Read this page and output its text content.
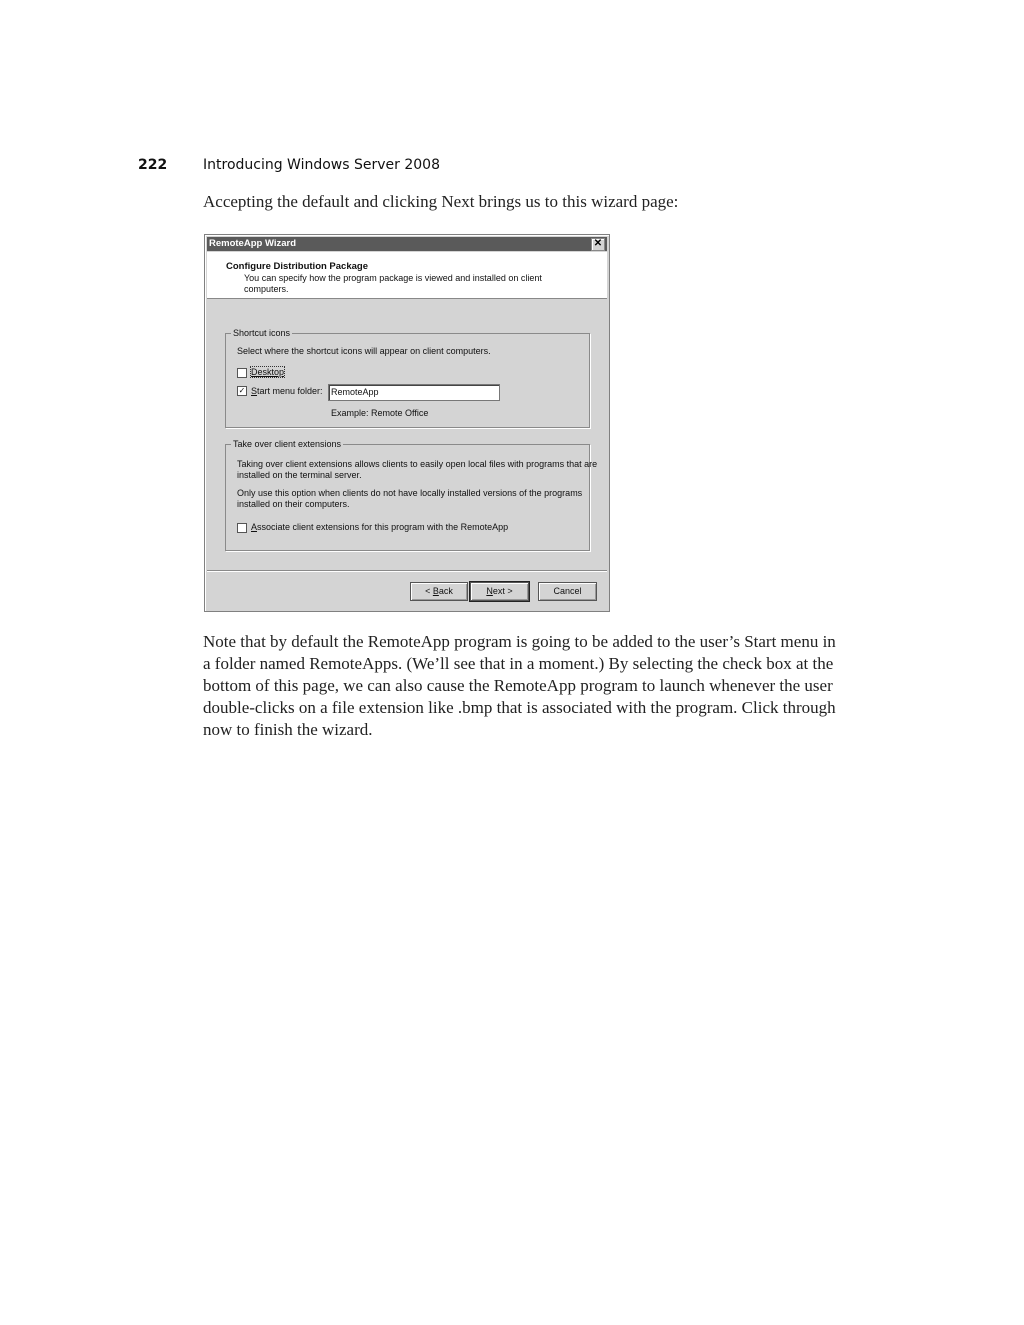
222	Introducing Windows Server 2008
Accepting the default and clicking Next brings us to this wizard page:
RemoteApp Wizard	✕
Configure Distribution Package
You can specify how the program package is viewed and installed on client computers.
Shortcut icons
Select where the shortcut icons will appear on client computers.
Desktop
✓ Start menu folder: RemoteApp
Example: Remote Office
Take over client extensions
Taking over client extensions allows clients to easily open local files with programs that are
installed on the terminal server.
Only use this option when clients do not have locally installed versions of the programs
installed on their computers.
Associate client extensions for this program with the RemoteApp
< Back	Next >	Cancel

Note that by default the RemoteApp program is going to be added to the user’s Start menu in
a folder named RemoteApps. (We’ll see that in a moment.) By selecting the check box at the
bottom of this page, we can also cause the RemoteApp program to launch whenever the user
double-clicks on a file extension like .bmp that is associated with the program. Click through
now to finish the wizard.
